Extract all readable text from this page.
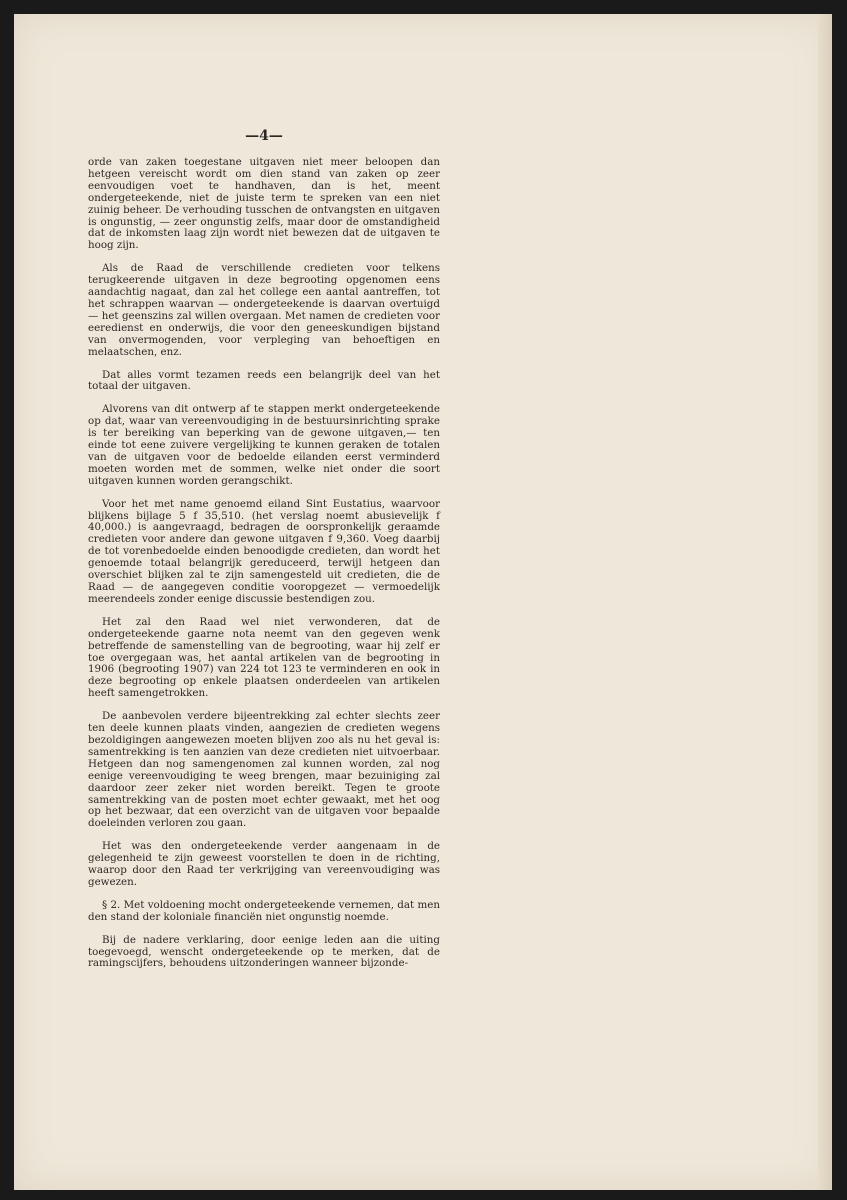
—4—

orde van zaken toegestane uitgaven niet meer beloopen dan hetgeen vereischt wordt om dien stand van zaken op zeer eenvoudigen voet te handhaven, dan is het, meent ondergeteekende, niet de juiste term te spreken van een niet zuinig beheer. De verhouding tusschen de ontvangsten en uitgaven is ongunstig, — zeer ongunstig zelfs, maar door de omstandigheid dat de inkomsten laag zijn wordt niet bewezen dat de uitgaven te hoog zijn.

Als de Raad de verschillende credieten voor telkens terugkeerende uitgaven in deze begrooting opgenomen eens aandachtig nagaat, dan zal het college een aantal aantreffen, tot het schrappen waarvan — ondergeteekende is daarvan overtuigd — het geenszins zal willen overgaan. Met namen de credieten voor eeredienst en onderwijs, die voor den geneeskundigen bijstand van onvermogenden, voor verpleging van behoeftigen en melaatschen, enz.

Dat alles vormt tezamen reeds een belangrijk deel van het totaal der uitgaven.

Alvorens van dit ontwerp af te stappen merkt ondergeteekende op dat, waar van vereenvoudiging in de bestuursinrichting sprake is ter bereiking van beperking van de gewone uitgaven,— ten einde tot eene zuivere vergelijking te kunnen geraken de totalen van de uitgaven voor de bedoelde eilanden eerst verminderd moeten worden met de sommen, welke niet onder die soort uitgaven kunnen worden gerangschikt.

Voor het met name genoemd eiland Sint Eustatius, waarvoor blijkens bijlage 5 f 35,510. (het verslag noemt abusievelijk f 40,000.) is aangevraagd, bedragen de oorspronkelijk geraamde credieten voor andere dan gewone uitgaven f 9,360. Voeg daarbij de tot vorenbedoelde einden benoodigde credieten, dan wordt het genoemde totaal belangrijk gereduceerd, terwijl hetgeen dan overschiet blijken zal te zijn samengesteld uit credieten, die de Raad — de aangegeven conditie vooropgezet — vermoedelijk meerendeels zonder eenige discussie bestendigen zou.

Het zal den Raad wel niet verwonderen, dat de ondergeteekende gaarne nota neemt van den gegeven wenk betreffende de samenstelling van de begrooting, waar hij zelf er toe overgegaan was, het aantal artikelen van de begrooting in 1906 (begrooting 1907) van 224 tot 123 te verminderen en ook in deze begrooting op enkele plaatsen onderdeelen van artikelen heeft samengetrokken.

De aanbevolen verdere bijeentrekking zal echter slechts zeer ten deele kunnen plaats vinden, aangezien de credieten wegens bezoldigingen aangewezen moeten blijven zoo als nu het geval is: samentrekking is ten aanzien van deze credieten niet uitvoerbaar. Hetgeen dan nog samengenomen zal kunnen worden, zal nog eenige vereenvoudiging te weeg brengen, maar bezuiniging zal daardoor zeer zeker niet worden bereikt. Tegen te groote samentrekking van de posten moet echter gewaakt, met het oog op het bezwaar, dat een overzicht van de uitgaven voor bepaalde doeleinden verloren zou gaan.

Het was den ondergeteekende verder aangenaam in de gelegenheid te zijn geweest voorstellen te doen in de richting, waarop door den Raad ter verkrijging van vereenvoudiging was gewezen.

§ 2. Met voldoening mocht ondergeteekende vernemen, dat men den stand der koloniale financiën niet ongunstig noemde.

Bij de nadere verklaring, door eenige leden aan die uiting toegevoegd, wenscht ondergeteekende op te merken, dat de ramingscijfers, behoudens uitzonderingen wanneer bijzonde-
